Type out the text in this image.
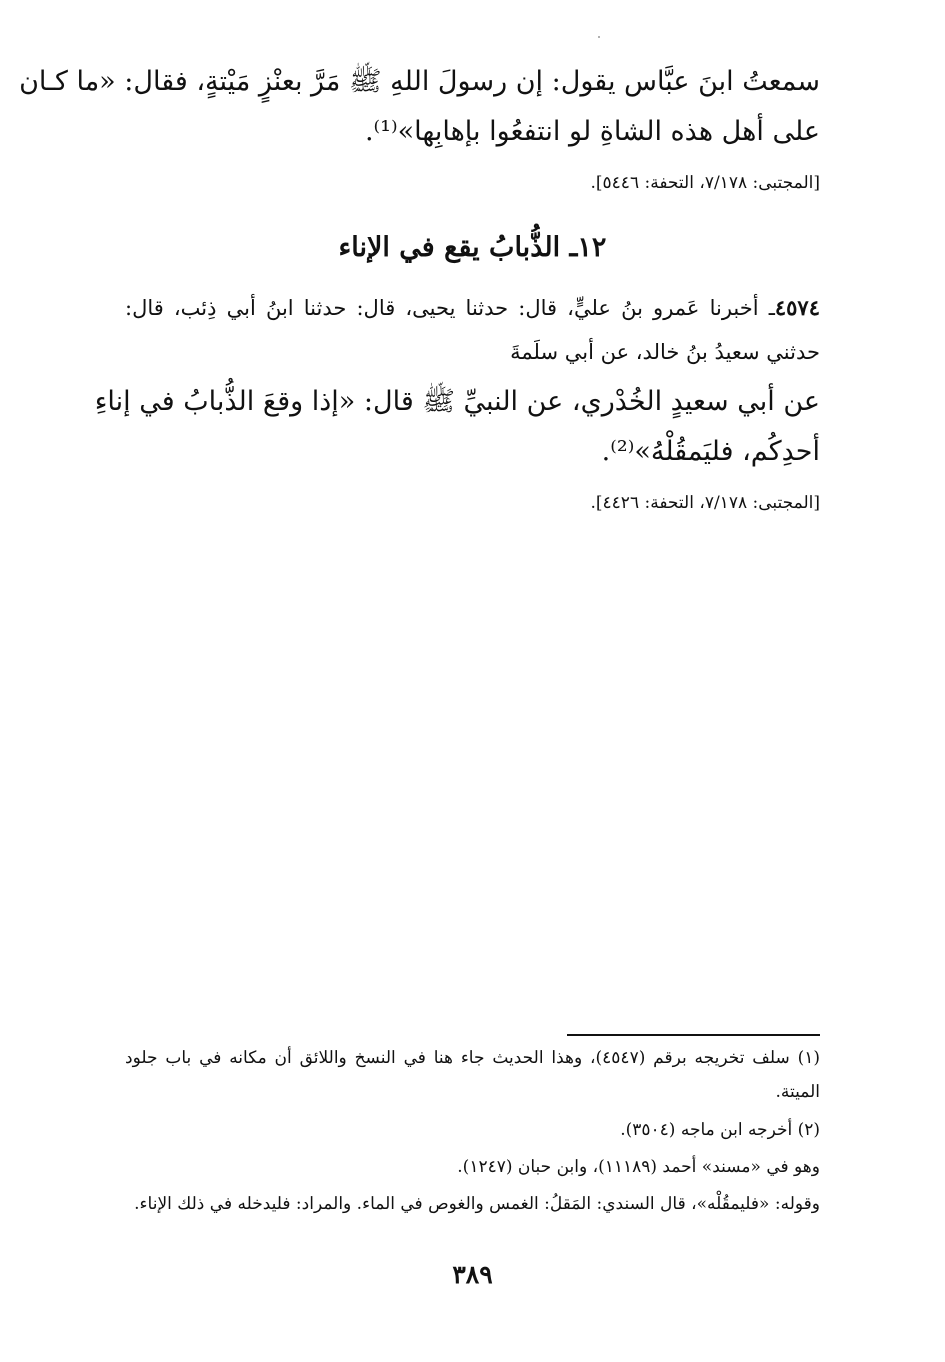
سمعتُ ابنَ عبَّاس يقول: إن رسولَ اللهِ ﷺ مَرَّ بعنْزٍ مَيْتةٍ، فقال: «ما كـان
على أهل هذه الشاةِ لو انتفعُوا بإهابِها»⁽¹⁾.
[المجتبى: ٧/١٧٨، التحفة: ٥٤٤٦].
١٢ـ الذُّبابُ يقع في الإناء
٤٥٧٤ـ أخبرنا عَمرو بنُ عليٍّ، قال: حدثنا يحيى، قال: حدثنا ابنُ أبي ذِئب، قال:
حدثني سعيدُ بنُ خالد، عن أبي سلَمةَ
عن أبي سعيدٍ الخُدْري، عن النبيِّ ﷺ قال: «إذا وقعَ الذُّبابُ في إناءِ
أحدِكُم، فليَمقُلْهُ»⁽²⁾.
[المجتبى: ٧/١٧٨، التحفة: ٤٤٢٦].
(١) سلف تخريجه برقم (٤٥٤٧)، وهذا الحديث جاء هنا في النسخ واللائق أن مكانه في باب جلود
الميتة.
(٢) أخرجه ابن ماجه (٣٥٠٤).
وهو في «مسند» أحمد (١١١٨٩)، وابن حبان (١٢٤٧).
وقوله: «فليمقُلْه»، قال السندي: المَقلُ: الغمس والغوص في الماء. والمراد: فليدخله في ذلك الإناء.
٣٨٩
